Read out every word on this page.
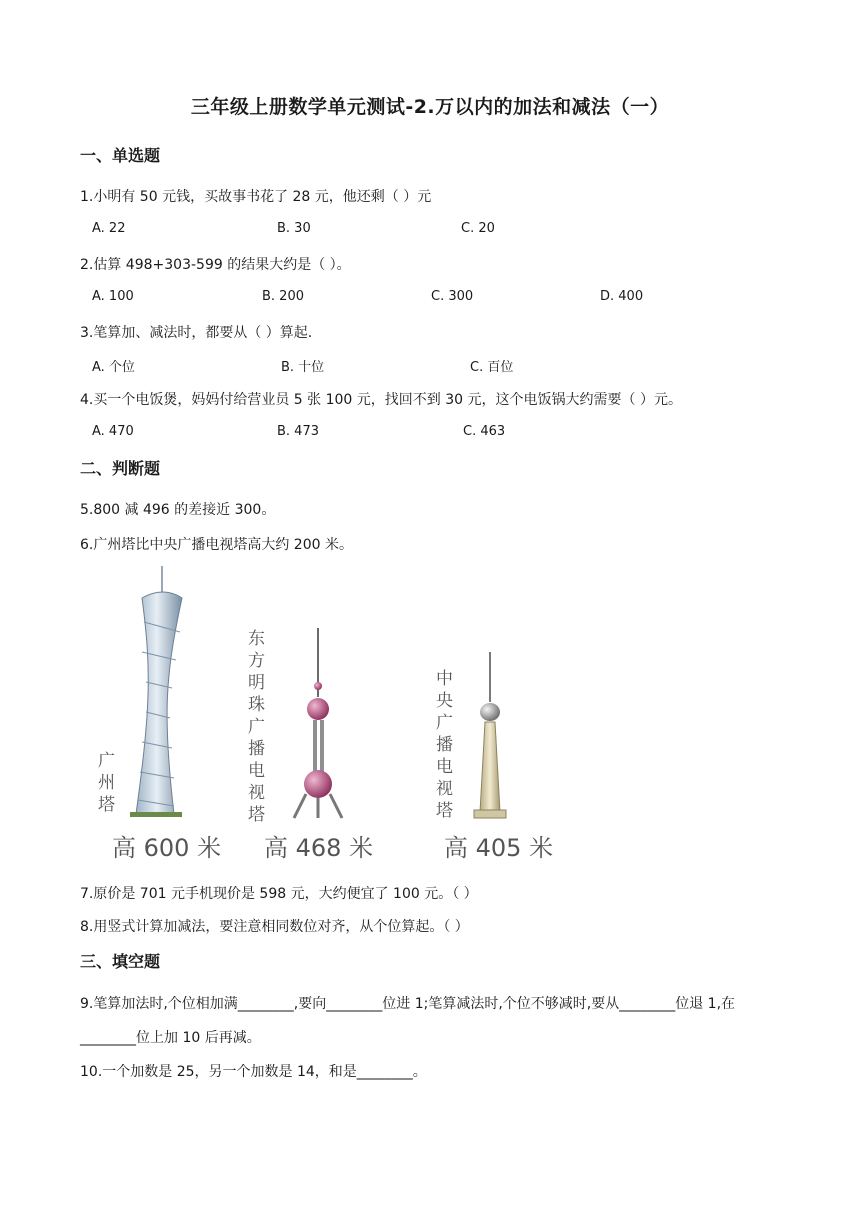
三年级上册数学单元测试-2.万以内的加法和减法（一）
一、单选题
1.小明有 50 元钱，买故事书花了 28 元，他还剩（ ）元
A. 22	B. 30	C. 20
2.估算 498+303-599 的结果大约是（ ）。
A. 100	B. 200	C. 300	D. 400
3.笔算加、减法时，都要从（ ）算起.
A. 个位	B. 十位	C. 百位
4.买一个电饭煲，妈妈付给营业员 5 张 100 元，找回不到 30 元，这个电饭锅大约需要（ ）元。
A. 470	B. 473	C. 463
二、判断题
5.800 减 496 的差接近 300。
6.广州塔比中央广播电视塔高大约 200 米。
广
州
塔
高 600 米
东
方
明
珠
广
播
电
视
塔
高 468 米
中
央
广
播
电
视
塔
高 405 米
7.原价是 701 元手机现价是 598 元，大约便宜了 100 元。（ ）
8.用竖式计算加减法，要注意相同数位对齐，从个位算起。（ ）
三、填空题
9.笔算加法时,个位相加满________,要向________位进 1;笔算减法时,个位不够减时,要从________位退 1,在
________位上加 10 后再减。
10.一个加数是 25，另一个加数是 14，和是________。
